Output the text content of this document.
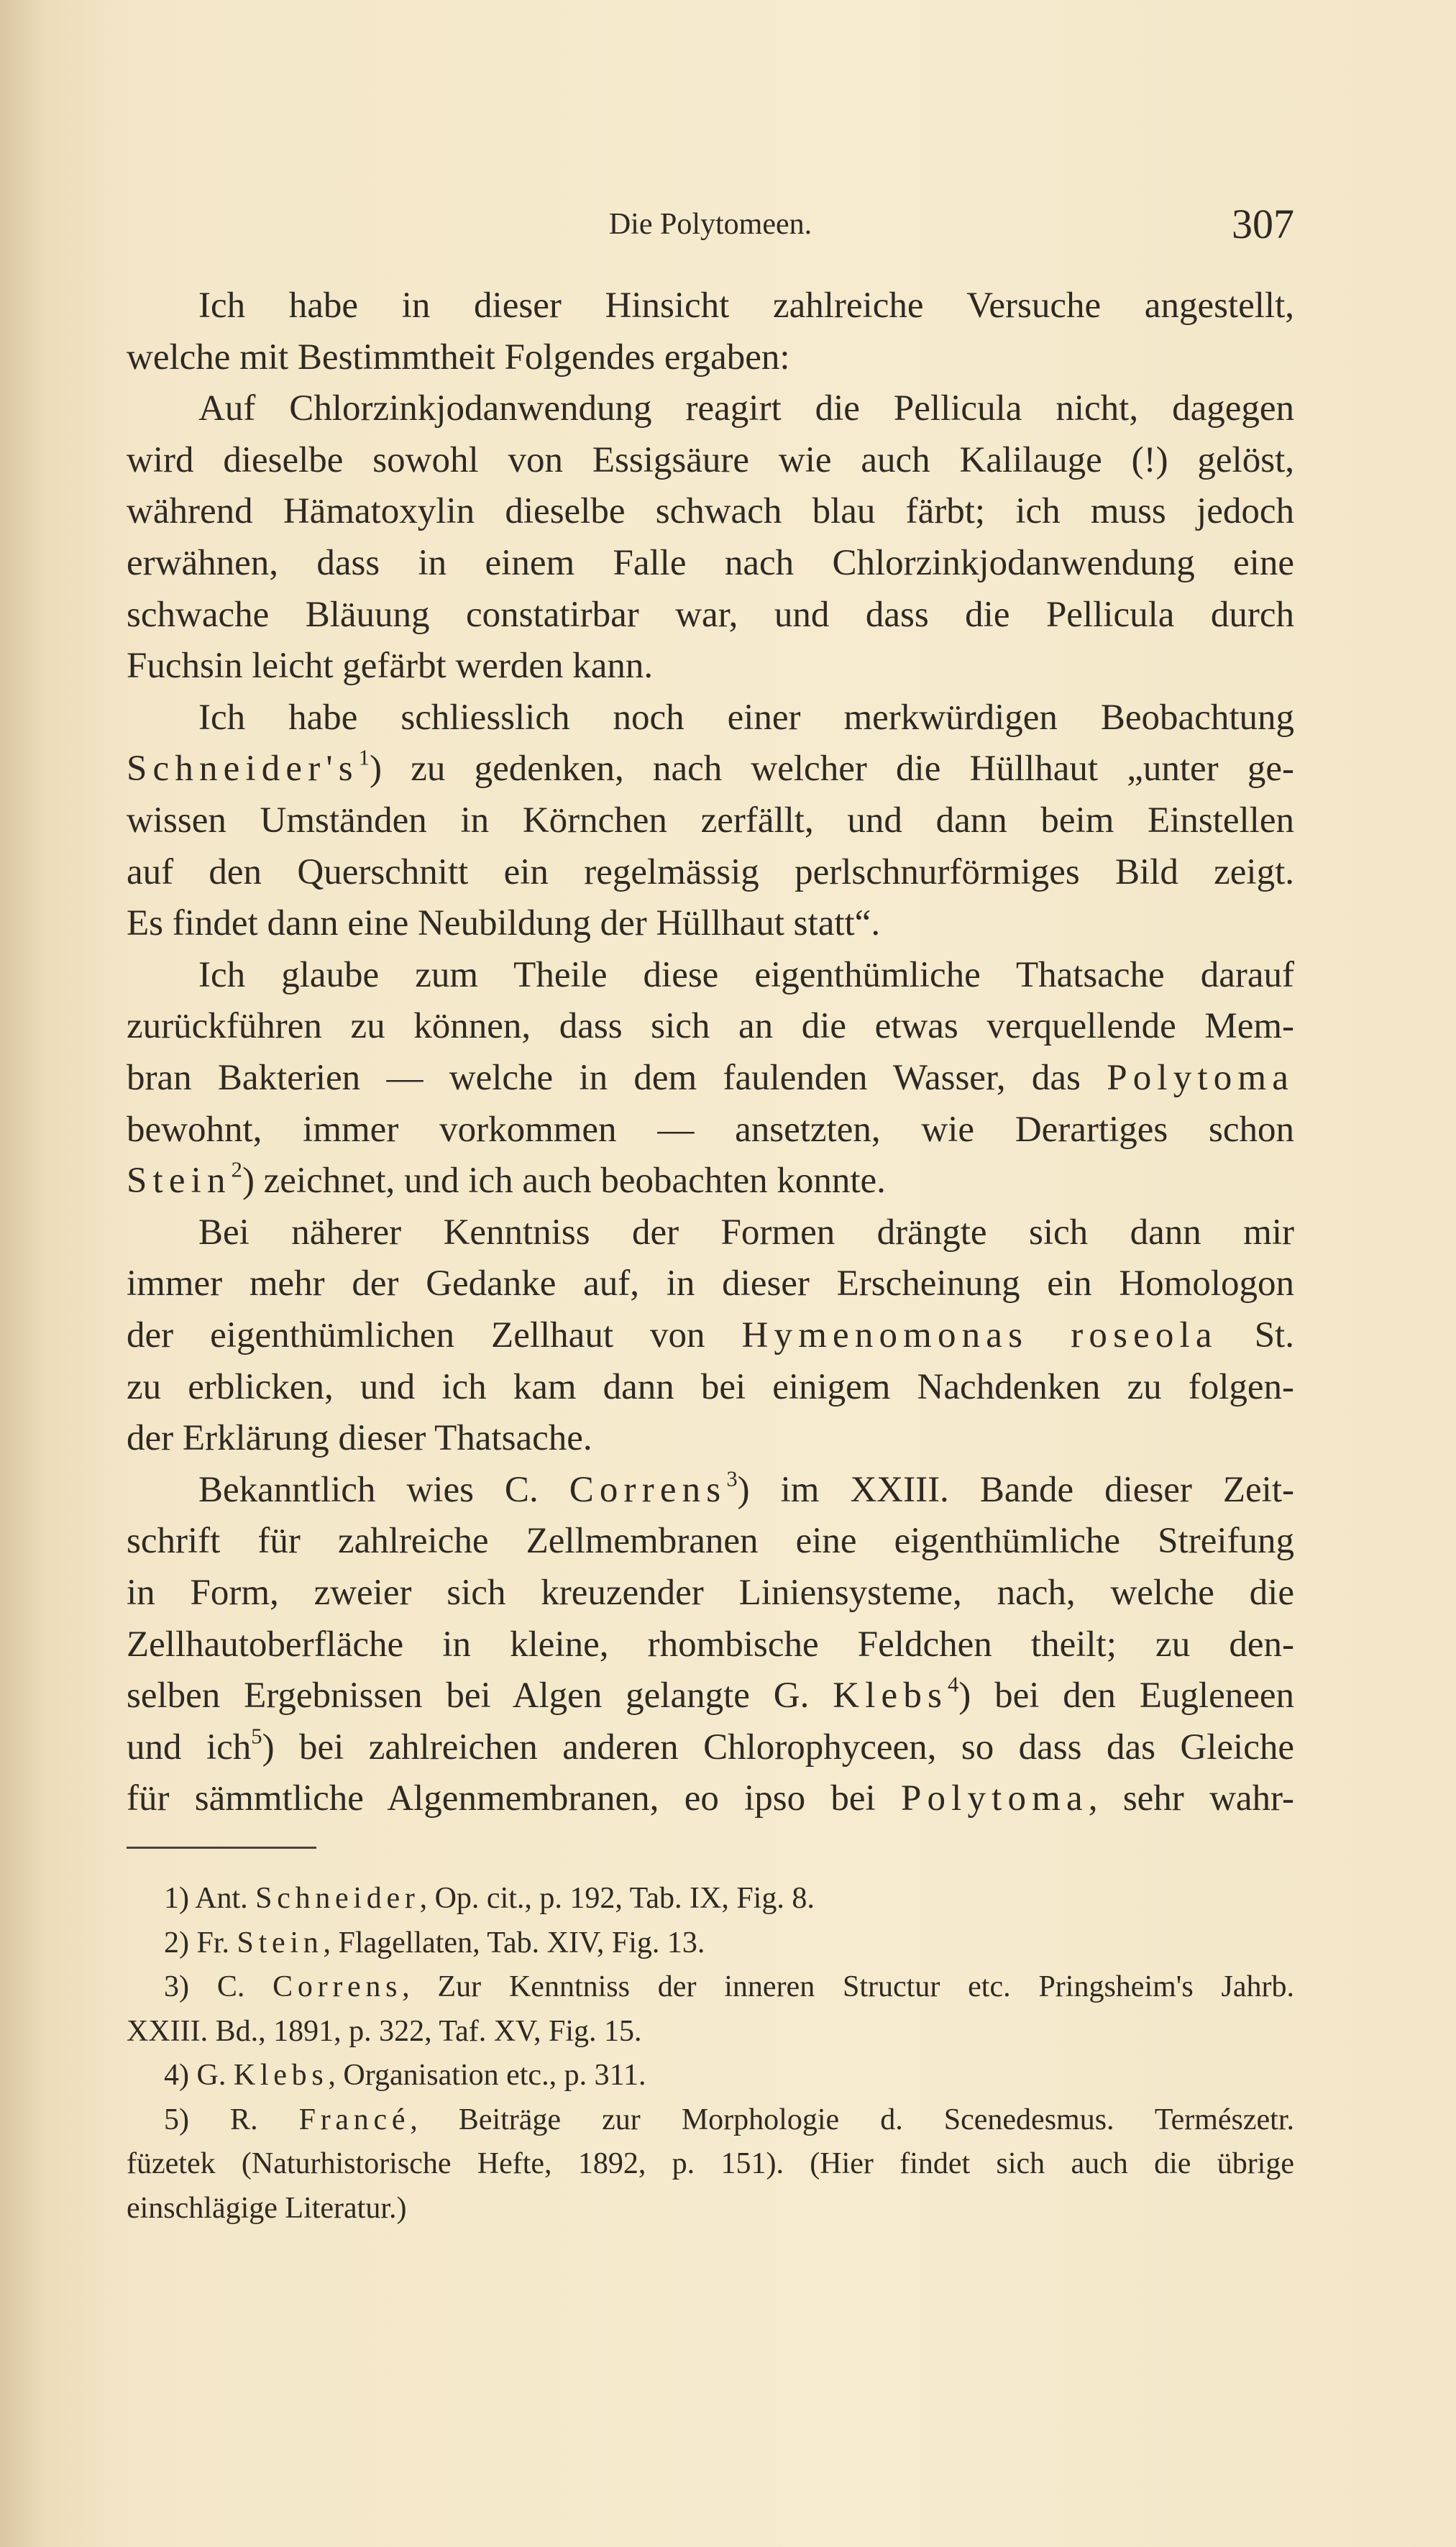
Die Polytomeen.	307
Ich habe in dieser Hinsicht zahlreiche Versuche angestellt,
welche mit Bestimmtheit Folgendes ergaben:
Auf Chlorzinkjodanwendung reagirt die Pellicula nicht, dagegen
wird dieselbe sowohl von Essigsäure wie auch Kalilauge (!) gelöst,
während Hämatoxylin dieselbe schwach blau färbt; ich muss jedoch
erwähnen, dass in einem Falle nach Chlorzinkjodanwendung eine
schwache Bläuung constatirbar war, und dass die Pellicula durch
Fuchsin leicht gefärbt werden kann.
Ich habe schliesslich noch einer merkwürdigen Beobachtung
$Schneider's^1$) zu gedenken, nach welcher die Hüllhaut „unter ge-
wissen Umständen in Körnchen zerfällt, und dann beim Einstellen
auf den Querschnitt ein regelmässig perlschnurförmiges Bild zeigt.
Es findet dann eine Neubildung der Hüllhaut statt“.
Ich glaube zum Theile diese eigenthümliche Thatsache darauf
zurückführen zu können, dass sich an die etwas verquellende Mem-
bran Bakterien — welche in dem faulenden Wasser, das Polytoma
bewohnt, immer vorkommen — ansetzten, wie Derartiges schon
Stein$^2$) zeichnet, und ich auch beobachten konnte.
Bei näherer Kenntniss der Formen drängte sich dann mir
immer mehr der Gedanke auf, in dieser Erscheinung ein Homologon
der eigenthümlichen Zellhaut von Hymenomonas roseola St.
zu erblicken, und ich kam dann bei einigem Nachdenken zu folgen-
der Erklärung dieser Thatsache.
Bekanntlich wies C. Correns$^3$) im XXIII. Bande dieser Zeit-
schrift für zahlreiche Zellmembranen eine eigenthümliche Streifung
in Form, zweier sich kreuzender Liniensysteme, nach, welche die
Zellhautoberfläche in kleine, rhombische Feldchen theilt; zu den-
selben Ergebnissen bei Algen gelangte G. Klebs$^4$) bei den Eugleneen
und ich$^5$) bei zahlreichen anderen Chlorophyceen, so dass das Gleiche
für sämmtliche Algenmembranen, eo ipso bei Polytoma, sehr wahr-
1) Ant. Schneider, Op. cit., p. 192, Tab. IX, Fig. 8.
2) Fr. Stein, Flagellaten, Tab. XIV, Fig. 13.
3) C. Correns, Zur Kenntniss der inneren Structur etc. Pringsheim's Jahrb.
XXIII. Bd., 1891, p. 322, Taf. XV, Fig. 15.
4) G. Klebs, Organisation etc., p. 311.
5) R. Francé, Beiträge zur Morphologie d. Scenedesmus. Természetr.
füzetek (Naturhistorische Hefte, 1892, p. 151). (Hier findet sich auch die übrige
einschlägige Literatur.)
